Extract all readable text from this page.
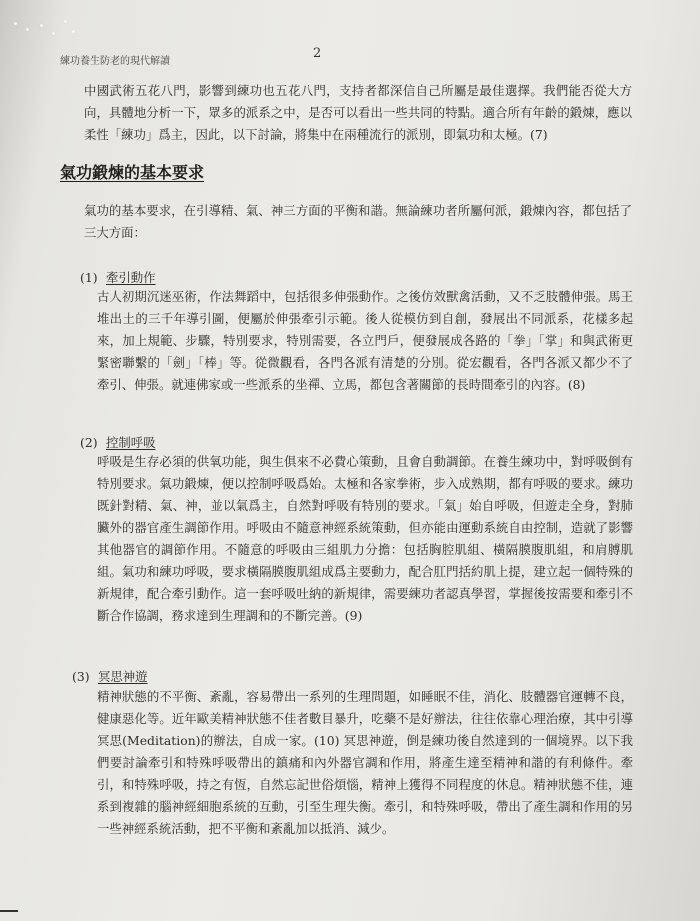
練功養生防老的現代解讀
2

中國武術五花八門，影響到練功也五花八門，支持者都深信自己所屬是最佳選擇。我們能否從大方向，具體地分析一下，眾多的派系之中，是否可以看出一些共同的特點。適合所有年齡的鍛煉，應以柔性「練功」爲主，因此，以下討論，將集中在兩種流行的派別，即氣功和太極。(7)

氣功鍛煉的基本要求

氣功的基本要求，在引導精、氣、神三方面的平衡和諧。無論練功者所屬何派，鍛煉內容，都包括了三大方面：

(1) 牽引動作

古人初期沉迷巫術，作法舞蹈中，包括很多伸張動作。之後仿效獸禽活動，又不乏肢體伸張。馬王堆出土的三千年導引圖，便屬於伸張牽引示範。後人從模仿到自創，發展出不同派系，花樣多起來，加上規範、步驟，特別要求，特別需要，各立門戶，便發展成各路的「拳」「掌」和與武術更緊密聯繫的「劍」「棒」等。從微觀看，各門各派有清楚的分別。從宏觀看，各門各派又都少不了牽引、伸張。就連佛家或一些派系的坐禪、立馬，都包含著關節的長時間牽引的內容。(8)

(2) 控制呼吸

呼吸是生存必須的供氧功能，與生俱來不必費心策動，且會自動調節。在養生練功中，對呼吸倒有特別要求。氣功鍛煉，便以控制呼吸爲始。太極和各家拳術，步入成熟期，都有呼吸的要求。練功既針對精、氣、神，並以氣爲主，自然對呼吸有特別的要求。「氣」始自呼吸，但遊走全身，對肺臟外的器官產生調節作用。呼吸由不隨意神經系統策動，但亦能由運動系統自由控制，造就了影響其他器官的調節作用。不隨意的呼吸由三組肌力分擔：包括胸腔肌組、橫隔膜腹肌組，和肩膊肌組。氣功和練功呼吸，要求橫隔膜腹肌組成爲主要動力，配合肛門括約肌上提，建立起一個特殊的新規律，配合牽引動作。這一套呼吸吐納的新規律，需要練功者認真學習，掌握後按需要和牽引不斷合作協調，務求達到生理調和的不斷完善。(9)

(3) 冥思神遊

精神狀態的不平衡、紊亂，容易帶出一系列的生理問題，如睡眠不佳，消化、肢體器官運轉不良，健康惡化等。近年歐美精神狀態不佳者數目暴升，吃藥不是好辦法，往往依靠心理治療，其中引導冥思(Meditation)的辦法，自成一家。(10) 冥思神遊，倒是練功後自然達到的一個境界。以下我們要討論牽引和特殊呼吸帶出的鎮痛和內外器官調和作用，將產生達至精神和諧的有利條件。牽引，和特殊呼吸，持之有恆，自然忘記世俗煩惱，精神上獲得不同程度的休息。精神狀態不佳，連系到複雜的腦神經細胞系統的互動，引至生理失衡。牽引，和特殊呼吸，帶出了產生調和作用的另一些神經系統活動，把不平衡和紊亂加以抵消、減少。
